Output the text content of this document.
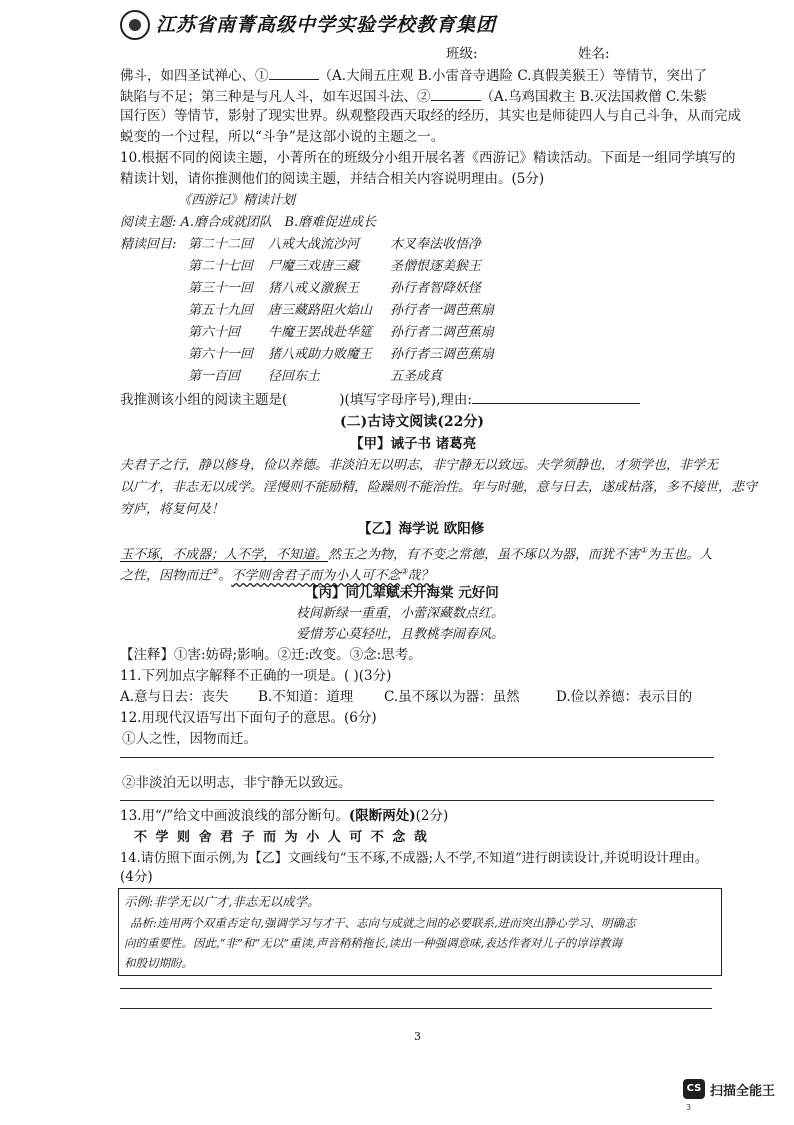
江苏省南菁高级中学实验学校教育集团
班级:	姓名:
佛斗，如四圣试禅心、①	（A.大闹五庄观 B.小雷音寺遇险 C.真假美猴王）等情节，突出了
缺陷与不足；第三种是与凡人斗，如车迟国斗法、②	（A.乌鸡国救主 B.灭法国救僧 C.朱紫
国行医）等情节，影射了现实世界。纵观整段西天取经的经历，其实也是师徒四人与自己斗争，从而完成
蜕变的一个过程，所以“斗争”是这部小说的主题之一。
10.根据不同的阅读主题，小菁所在的班级分小组开展名著《西游记》精读活动。下面是一组同学填写的
精读计划，请你推测他们的阅读主题，并结合相关内容说明理由。(5分)
《西游记》精读计划
阅读主题: A.磨合成就团队 B.磨难促进成长
精读回目: 第二十二回 八戒大战流沙河 木叉奉法收悟净
第二十七回 尸魔三戏唐三藏 圣僧恨逐美猴王
第三十一回 猪八戒义激猴王 孙行者智降妖怪
第五十九回 唐三藏路阻火焰山 孙行者一调芭蕉扇
第六十回 牛魔王罢战赴华筵 孙行者二调芭蕉扇
第六十一回 猪八戒助力败魔王 孙行者三调芭蕉扇
第一百回 径回东土	五圣成真
我推测该小组的阅读主题是(	)(填写字母序号),理由:
(二)古诗文阅读(22分)
【甲】诫子书 诸葛亮
夫君子之行，静以修身，俭以养德。非淡泊无以明志，非宁静无以致远。夫学须静也，才须学也，非学无
以广才，非志无以成学。淫慢则不能励精，险躁则不能治性。年与时驰，意与日去，遂成枯落，多不接世，悲守
穷庐，将复何及！
【乙】海学说 欧阳修
玉不琢，不成器；人不学，不知道。然玉之为物，有不变之常德，虽不琢以为器，而犹不害①为玉也。人
之性，因物而迁②。不学则舍君子而为小人可不念③哉？
【丙】同儿辈赋未开海棠 元好问
枝间新绿一重重，小蕾深藏数点红。
爱惜芳心莫轻吐，且教桃李闹春风。
【注释】①害:妨碍;影响。②迁:改变。③念:思考。
11.下列加点字解释不正确的一项是。( )(3分)
A.意与日去：丧失 B.不知道：道理 C.虽不琢以为器：虽然	D.俭以养德：表示目的
12.用现代汉语写出下面句子的意思。(6分)
①人之性，因物而迁。
②非淡泊无以明志，非宁静无以致远。
13.用“/”给文中画波浪线的部分断句。(限断两处)(2分)
不 学 则 舍 君 子 而 为 小 人 可 不 念 哉
14.请仿照下面示例,为【乙】文画线句“玉不琢,不成器;人不学,不知道”进行朗读设计,并说明设计理由。
(4分)
示例:非学无以广才,非志无以成学。
品析:连用两个双重否定句,强调学习与才干、志向与成就之间的必要联系,进而突出静心学习、明确志
向的重要性。因此,“非”和“无以”重读,声音稍稍拖长,读出一种强调意味,表达作者对儿子的谆谆教诲
和殷切期盼。
3
CS 扫描全能王
3
